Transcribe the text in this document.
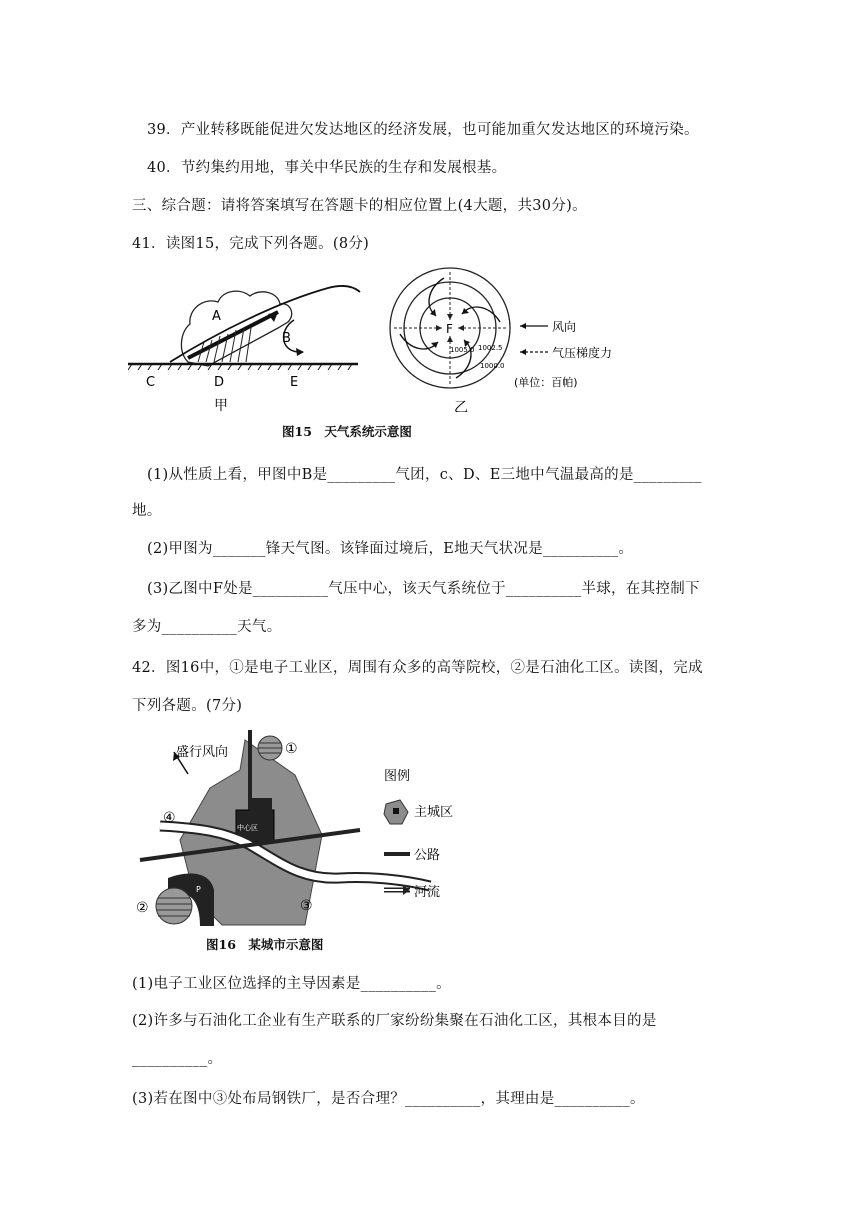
39．产业转移既能促进欠发达地区的经济发展，也可能加重欠发达地区的环境污染。
40．节约集约用地，事关中华民族的生存和发展根基。
三、综合题：请将答案填写在答题卡的相应位置上(4大题，共30分)。
41．读图15，完成下列各题。(8分)
A
B
C	D	E
甲
F
1005.0 1002.5
1000.0
乙
风向
气压梯度力
(单位：百帕)
图15　天气系统示意图
(1)从性质上看，甲图中B是_________气团，c、D、E三地中气温最高的是_________
地。
(2)甲图为_______锋天气图。该锋面过境后，E地天气状况是__________。
(3)乙图中F处是__________气压中心，该天气系统位于__________半球，在其控制下
多为__________天气。
42．图16中，①是电子工业区，周围有众多的高等院校，②是石油化工区。读图，完成
下列各题。(7分)
中心区
盛行风向	①
P
②	③
④
图例
主城区
公路
河流
图16　某城市示意图
(1)电子工业区位选择的主导因素是__________。
(2)许多与石油化工企业有生产联系的厂家纷纷集聚在石油化工区，其根本目的是
__________。
(3)若在图中③处布局钢铁厂，是否合理？__________，其理由是__________。
